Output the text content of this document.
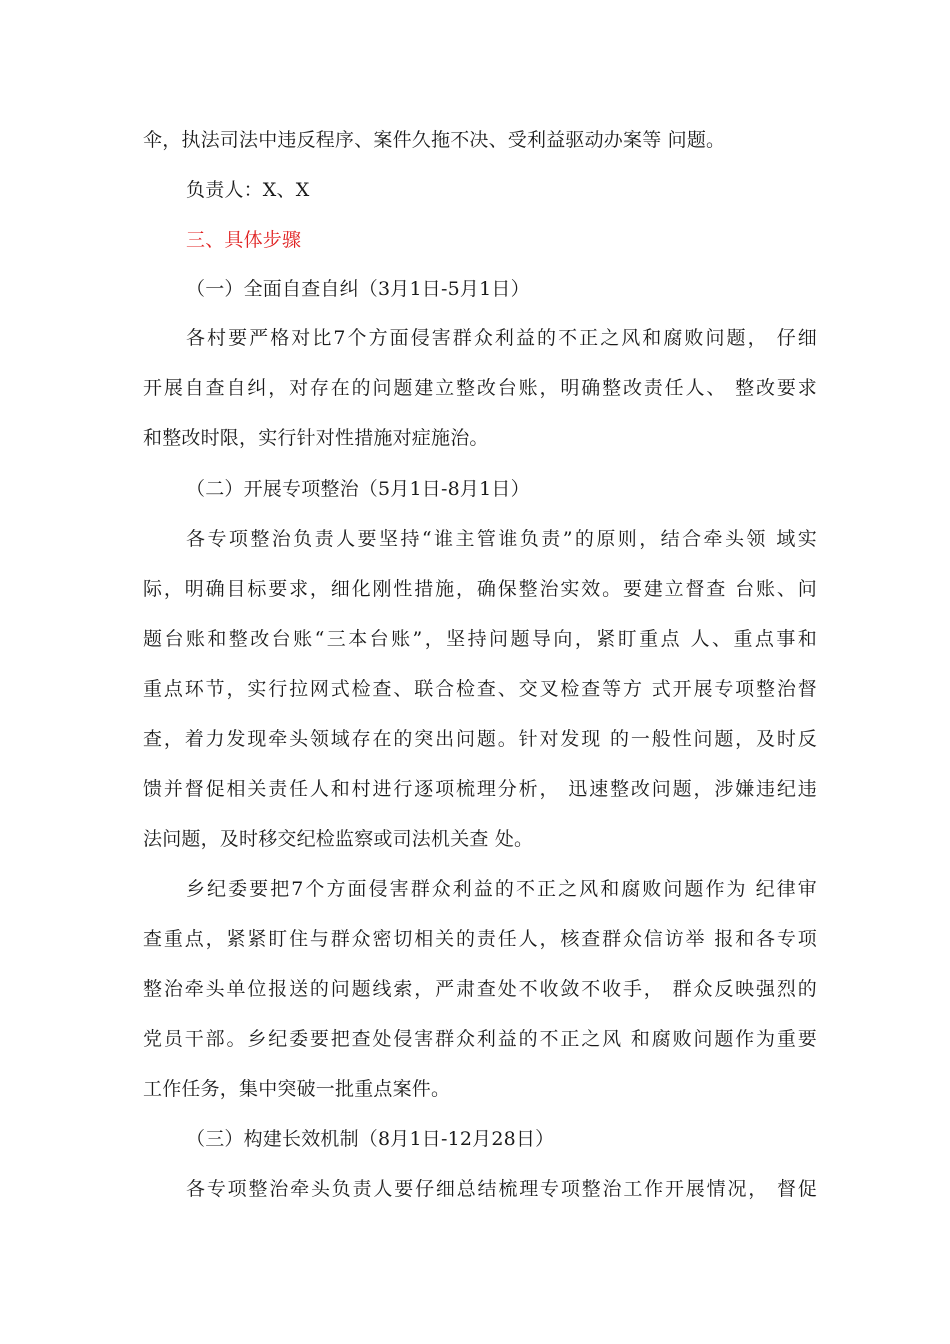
伞，执法司法中违反程序、案件久拖不决、受利益驱动办案等 问题。
负责人：X、X
三、具体步骤
（一）全面自查自纠（3月1日-5月1日）
各村要严格对比7个方面侵害群众利益的不正之风和腐败问题， 仔细
开展自查自纠，对存在的问题建立整改台账，明确整改责任人、 整改要求
和整改时限，实行针对性措施对症施治。
（二）开展专项整治（5月1日-8月1日）
各专项整治负责人要坚持“谁主管谁负责”的原则，结合牵头领 域实
际，明确目标要求，细化刚性措施，确保整治实效。要建立督查 台账、问
题台账和整改台账“三本台账”，坚持问题导向，紧盯重点 人、重点事和
重点环节，实行拉网式检查、联合检查、交叉检查等方 式开展专项整治督
查，着力发现牵头领域存在的突出问题。针对发现 的一般性问题，及时反
馈并督促相关责任人和村进行逐项梳理分析， 迅速整改问题，涉嫌违纪违
法问题，及时移交纪检监察或司法机关查 处。
乡纪委要把7个方面侵害群众利益的不正之风和腐败问题作为 纪律审
查重点，紧紧盯住与群众密切相关的责任人，核查群众信访举 报和各专项
整治牵头单位报送的问题线索，严肃查处不收敛不收手， 群众反映强烈的
党员干部。乡纪委要把查处侵害群众利益的不正之风 和腐败问题作为重要
工作任务，集中突破一批重点案件。
（三）构建长效机制（8月1日-12月28日）
各专项整治牵头负责人要仔细总结梳理专项整治工作开展情况， 督促
